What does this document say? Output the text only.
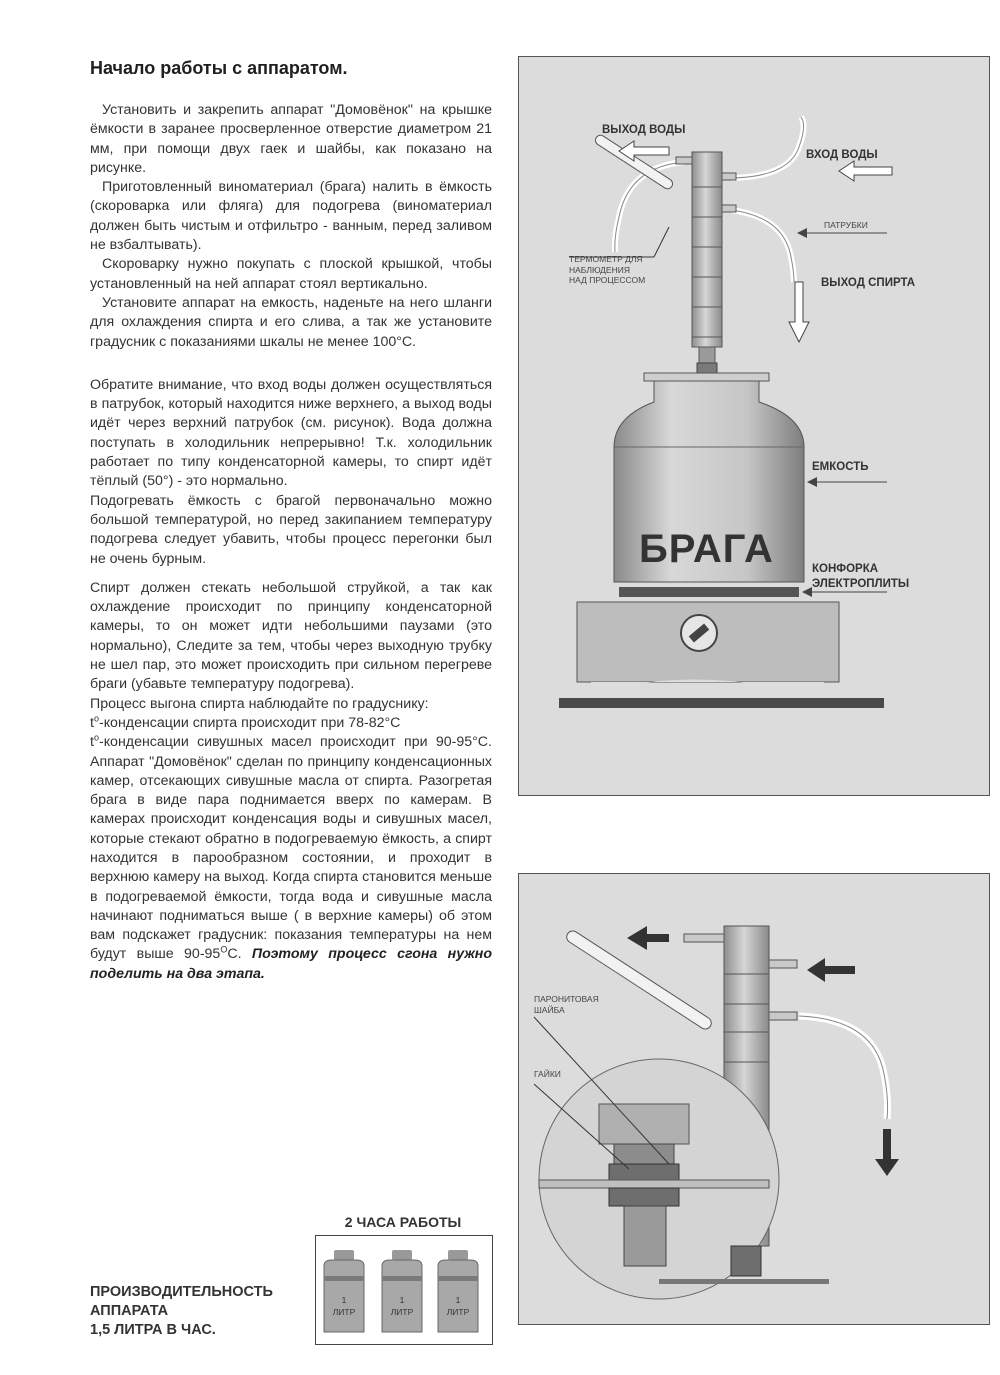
Начало работы с аппаратом.

Установить и закрепить аппарат "Домовёнок" на крышке ёмкости в заранее просверленное отверстие диаметром 21 мм, при помощи двух гаек и шайбы, как показано на рисунке.

Приготовленный виноматериал (брага) налить в ёмкость (скороварка или фляга) для подогрева (виноматериал должен быть чистым и отфильтро - ванным, перед заливом не взбалтывать).

Скороварку нужно покупать с плоской крышкой, чтобы установленный на ней аппарат стоял вертикально.

Установите аппарат на емкость, наденьте на него шланги для охлаждения спирта и его слива, а так же установите градусник с показаниями шкалы не менее 100°С.

Обратите внимание, что вход воды должен осуществляться в патрубок, который находится ниже верхнего, а выход воды идёт через верхний патрубок (см. рисунок). Вода должна поступать в холодильник непрерывно! Т.к. холодильник работает по типу конденсаторной камеры, то спирт идёт тёплый (50°) - это нормально.

Подогревать ёмкость с брагой первоначально можно большой температурой, но перед закипанием температуру подогрева следует убавить, чтобы процесс перегонки был не очень бурным.

Спирт должен стекать небольшой струйкой, а так как охлаждение происходит по принципу конденсаторной камеры, то он может идти небольшими паузами (это нормально), Следите за тем, чтобы через выходную трубку не шел пар, это может происходить при сильном перегреве браги (убавьте температуру подогрева).

Процесс выгона спирта наблюдайте по градуснику:

$t^о$-конденсации спирта происходит при 78-82°С

$t^о$-конденсации сивушных масел происходит при 90-95°С. Аппарат "Домовёнок" сделан по принципу конденсационных камер, отсекающих сивушные масла от спирта. Разогретая брага в виде пара поднимается вверх по камерам. В камерах происходит конденсация воды и сивушных масел, которые стекают обратно в подогреваемую ёмкость, а спирт находится в парообразном состоянии, и проходит в верхнюю камеру на выход. Когда спирта становится меньше в подогреваемой ёмкости, тогда вода и сивушные масла начинают подниматься выше ( в верхние камеры) об этом вам подскажет градусник: показания температуры на нем будут выше $90-95^ОС$. Поэтому процесс сгона нужно поделить на два этапа.

ПРОИЗВОДИТЕЛЬНОСТЬ
АППАРАТА
1,5 ЛИТРА В ЧАС.
2 ЧАСА РАБОТЫ
1
ЛИТР
1
ЛИТР
1
ЛИТР
ВЫХОД ВОДЫ
ВХОД ВОДЫ
ПАТРУБКИ
ТЕРМОМЕТР ДЛЯ
НАБЛЮДЕНИЯ
НАД ПРОЦЕССОМ	ВЫХОД СПИРТА
ЕМКОСТЬ
БРАГА	КОНФОРКА
ЭЛЕКТРОПЛИТЫ
ПАРОНИТОВАЯ
ШАЙБА
ГАЙКИ
